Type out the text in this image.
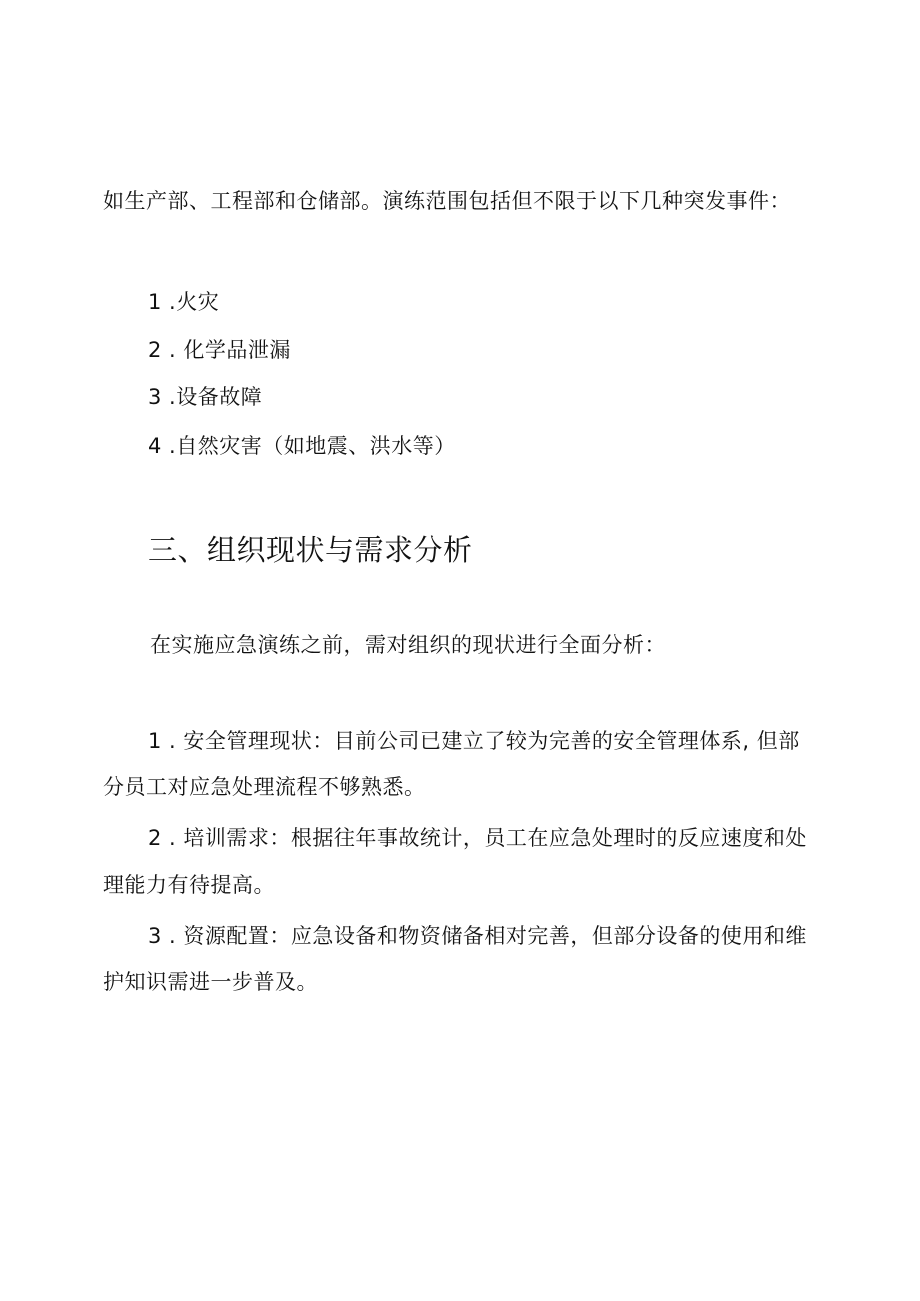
如生产部、工程部和仓储部。演练范围包括但不限于以下几种突发事件：
1 .火灾
2 . 化学品泄漏
3 .设备故障
4 .自然灾害（如地震、洪水等）
三、组织现状与需求分析
在实施应急演练之前，需对组织的现状进行全面分析：
1 . 安全管理现状：目前公司已建立了较为完善的安全管理体系, 但部
分员工对应急处理流程不够熟悉。
2 . 培训需求：根据往年事故统计，员工在应急处理时的反应速度和处
理能力有待提高。
3 . 资源配置：应急设备和物资储备相对完善，但部分设备的使用和维
护知识需进一步普及。
